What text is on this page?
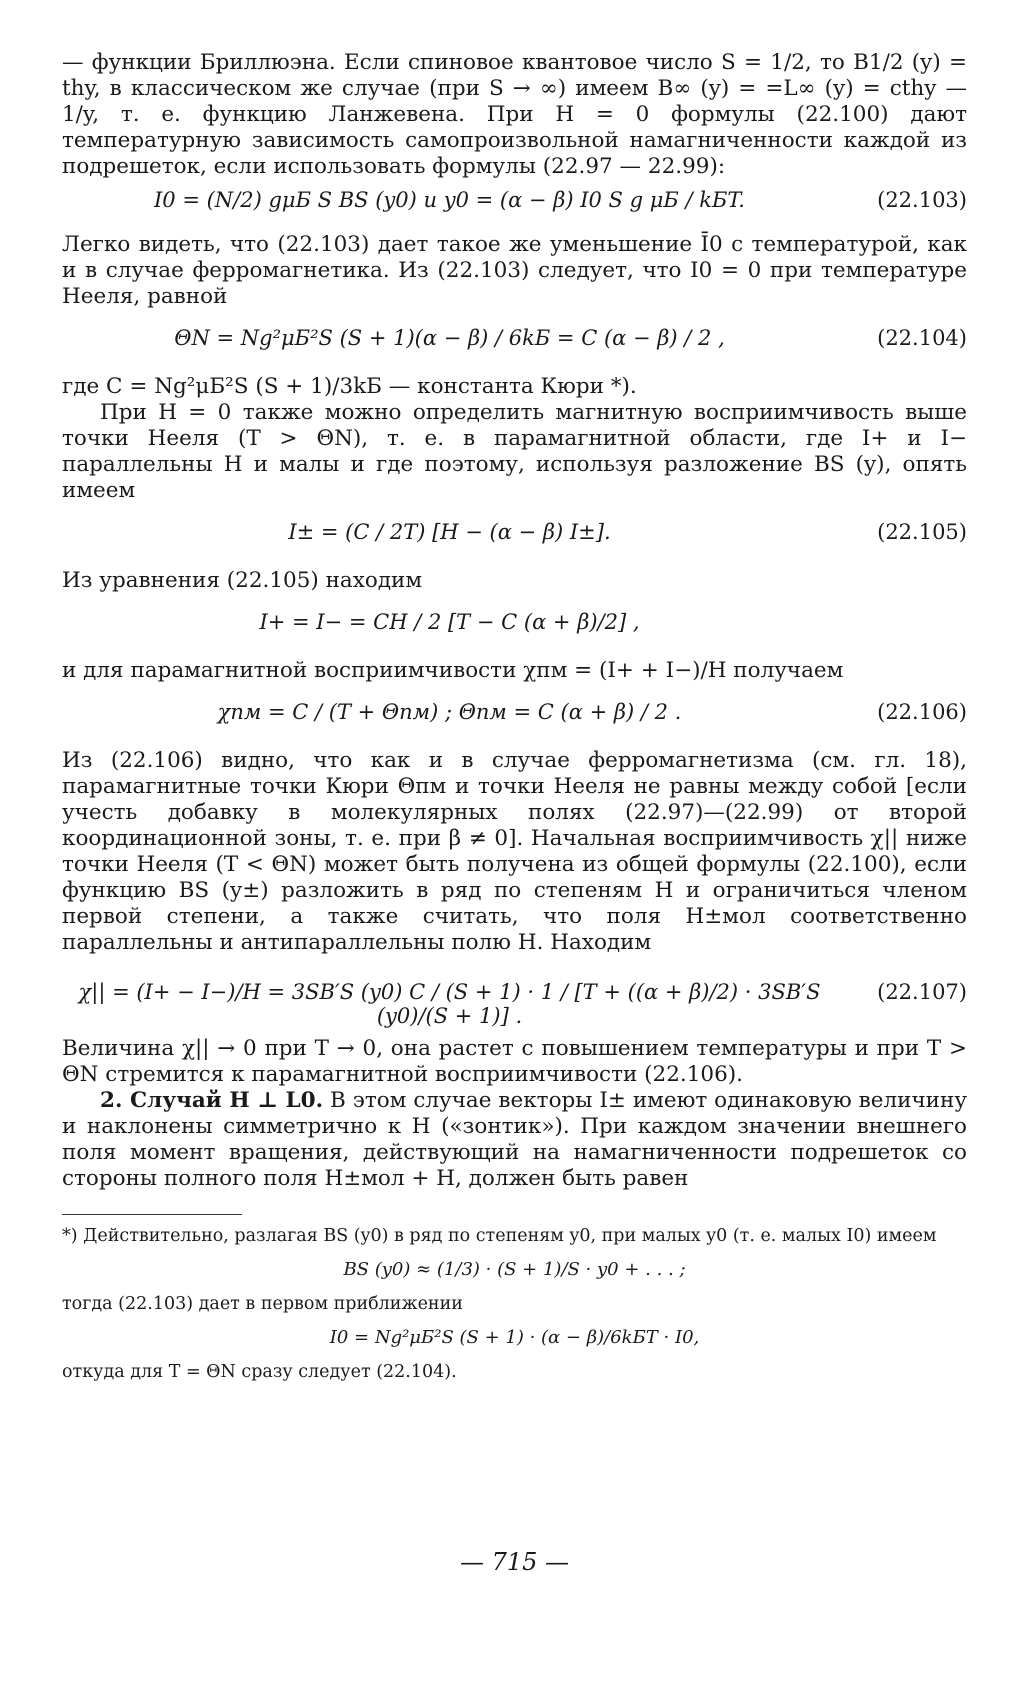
— функции Бриллюэна. Если спиновое квантовое число S = 1/2, то B1/2 (y) = thy, в классическом же случае (при S → ∞) имеем B∞ (y) = =L∞ (y) = cthy — 1/y, т. е. функцию Ланжевена. При H = 0 формулы (22.100) дают температурную зависимость самопроизвольной намагниченности каждой из подрешеток, если использовать формулы (22.97 — 22.99):

I0 = (N/2) gμБ S BS (y0) и y0 = (α − β) I0 S g μБ / kБT.	(22.103)

Легко видеть, что (22.103) дает такое же уменьшение Ī0 с температурой, как и в случае ферромагнетика. Из (22.103) следует, что I0 = 0 при температуре Нееля, равной

ΘN = Ng²μБ²S (S + 1)(α − β) / 6kБ = C (α − β) / 2 ,	(22.104)

где C = Ng²μБ²S (S + 1)/3kБ — константа Кюри *).

При H = 0 также можно определить магнитную восприимчивость выше точки Нееля (T > ΘN), т. е. в парамагнитной области, где I+ и I− параллельны H и малы и где поэтому, используя разложение BS (y), опять имеем

I± = (C / 2T) [H − (α − β) I±].	(22.105)

Из уравнения (22.105) находим

I+ = I− = CH / 2 [T − C (α + β)/2] ,

и для парамагнитной восприимчивости χпм = (I+ + I−)/H получаем

χпм = C / (T + Θпм) ; Θпм = C (α + β) / 2 .	(22.106)

Из (22.106) видно, что как и в случае ферромагнетизма (см. гл. 18), парамагнитные точки Кюри Θпм и точки Нееля не равны между собой [если учесть добавку в молекулярных полях (22.97)—(22.99) от второй координационной зоны, т. е. при β ≠ 0]. Начальная восприимчивость χ|| ниже точки Нееля (T < ΘN) может быть получена из общей формулы (22.100), если функцию BS (y±) разложить в ряд по степеням H и ограничиться членом первой степени, а также считать, что поля H±мол соответственно параллельны и антипараллельны полю H. Находим

χ|| = (I+ − I−)/H = 3SB′S (y0) C / (S + 1) · 1 / [T + ((α + β)/2) · 3SB′S (y0)/(S + 1)] .
(22.107)

Величина χ|| → 0 при T → 0, она растет с повышением температуры и при T > ΘN стремится к парамагнитной восприимчивости (22.106).

2. Случай H ⊥ L0. В этом случае векторы I± имеют одинаковую величину и наклонены симметрично к H («зонтик»). При каждом значении внешнего поля момент вращения, действующий на намагниченности подрешеток со стороны полного поля H±мол + H, должен быть равен

*) Действительно, разлагая BS (y0) в ряд по степеням y0, при малых y0 (т. е. малых I0) имеем

BS (y0) ≈ (1/3) · (S + 1)/S · y0 + . . . ;

тогда (22.103) дает в первом приближении

I0 = Ng²μБ²S (S + 1) · (α − β)/6kБT · I0,

откуда для T = ΘN сразу следует (22.104).

— 715 —
